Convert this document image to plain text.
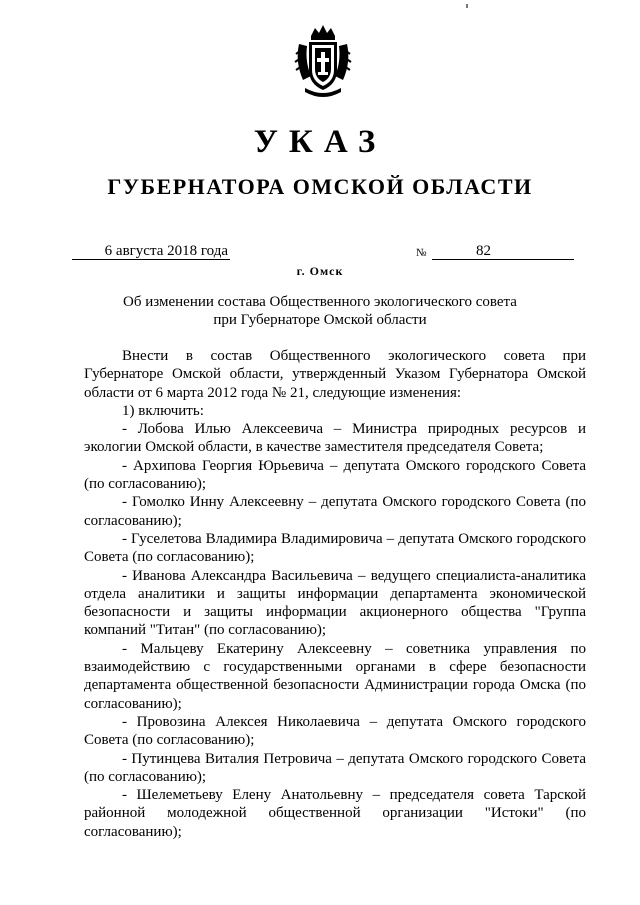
УКАЗ
ГУБЕРНАТОРА ОМСКОЙ ОБЛАСТИ
6 августа 2018 года	№	82
г. Омск
Об изменении состава Общественного экологического совета
при Губернаторе Омской области

Внести в состав Общественного экологического совета при Губернаторе Омской области, утвержденный Указом Губернатора Омской области от 6 марта 2012 года № 21, следующие изменения:

1) включить:

- Лобова Илью Алексеевича – Министра природных ресурсов и экологии Омской области, в качестве заместителя председателя Совета;

- Архипова Георгия Юрьевича – депутата Омского городского Совета (по согласованию);

- Гомолко Инну Алексеевну – депутата Омского городского Совета (по согласованию);

- Гуселетова Владимира Владимировича – депутата Омского городского Совета (по согласованию);

- Иванова Александра Васильевича – ведущего специалиста-аналитика отдела аналитики и защиты информации департамента экономической безопасности и защиты информации акционерного общества "Группа компаний "Титан" (по согласованию);

- Мальцеву Екатерину Алексеевну – советника управления по взаимодействию с государственными органами в сфере безопасности департамента общественной безопасности Администрации города Омска (по согласованию);

- Провозина Алексея Николаевича – депутата Омского городского Совета (по согласованию);

- Путинцева Виталия Петровича – депутата Омского городского Совета (по согласованию);

- Шелеметьеву Елену Анатольевну – председателя совета Тарской районной молодежной общественной организации "Истоки" (по согласованию);
